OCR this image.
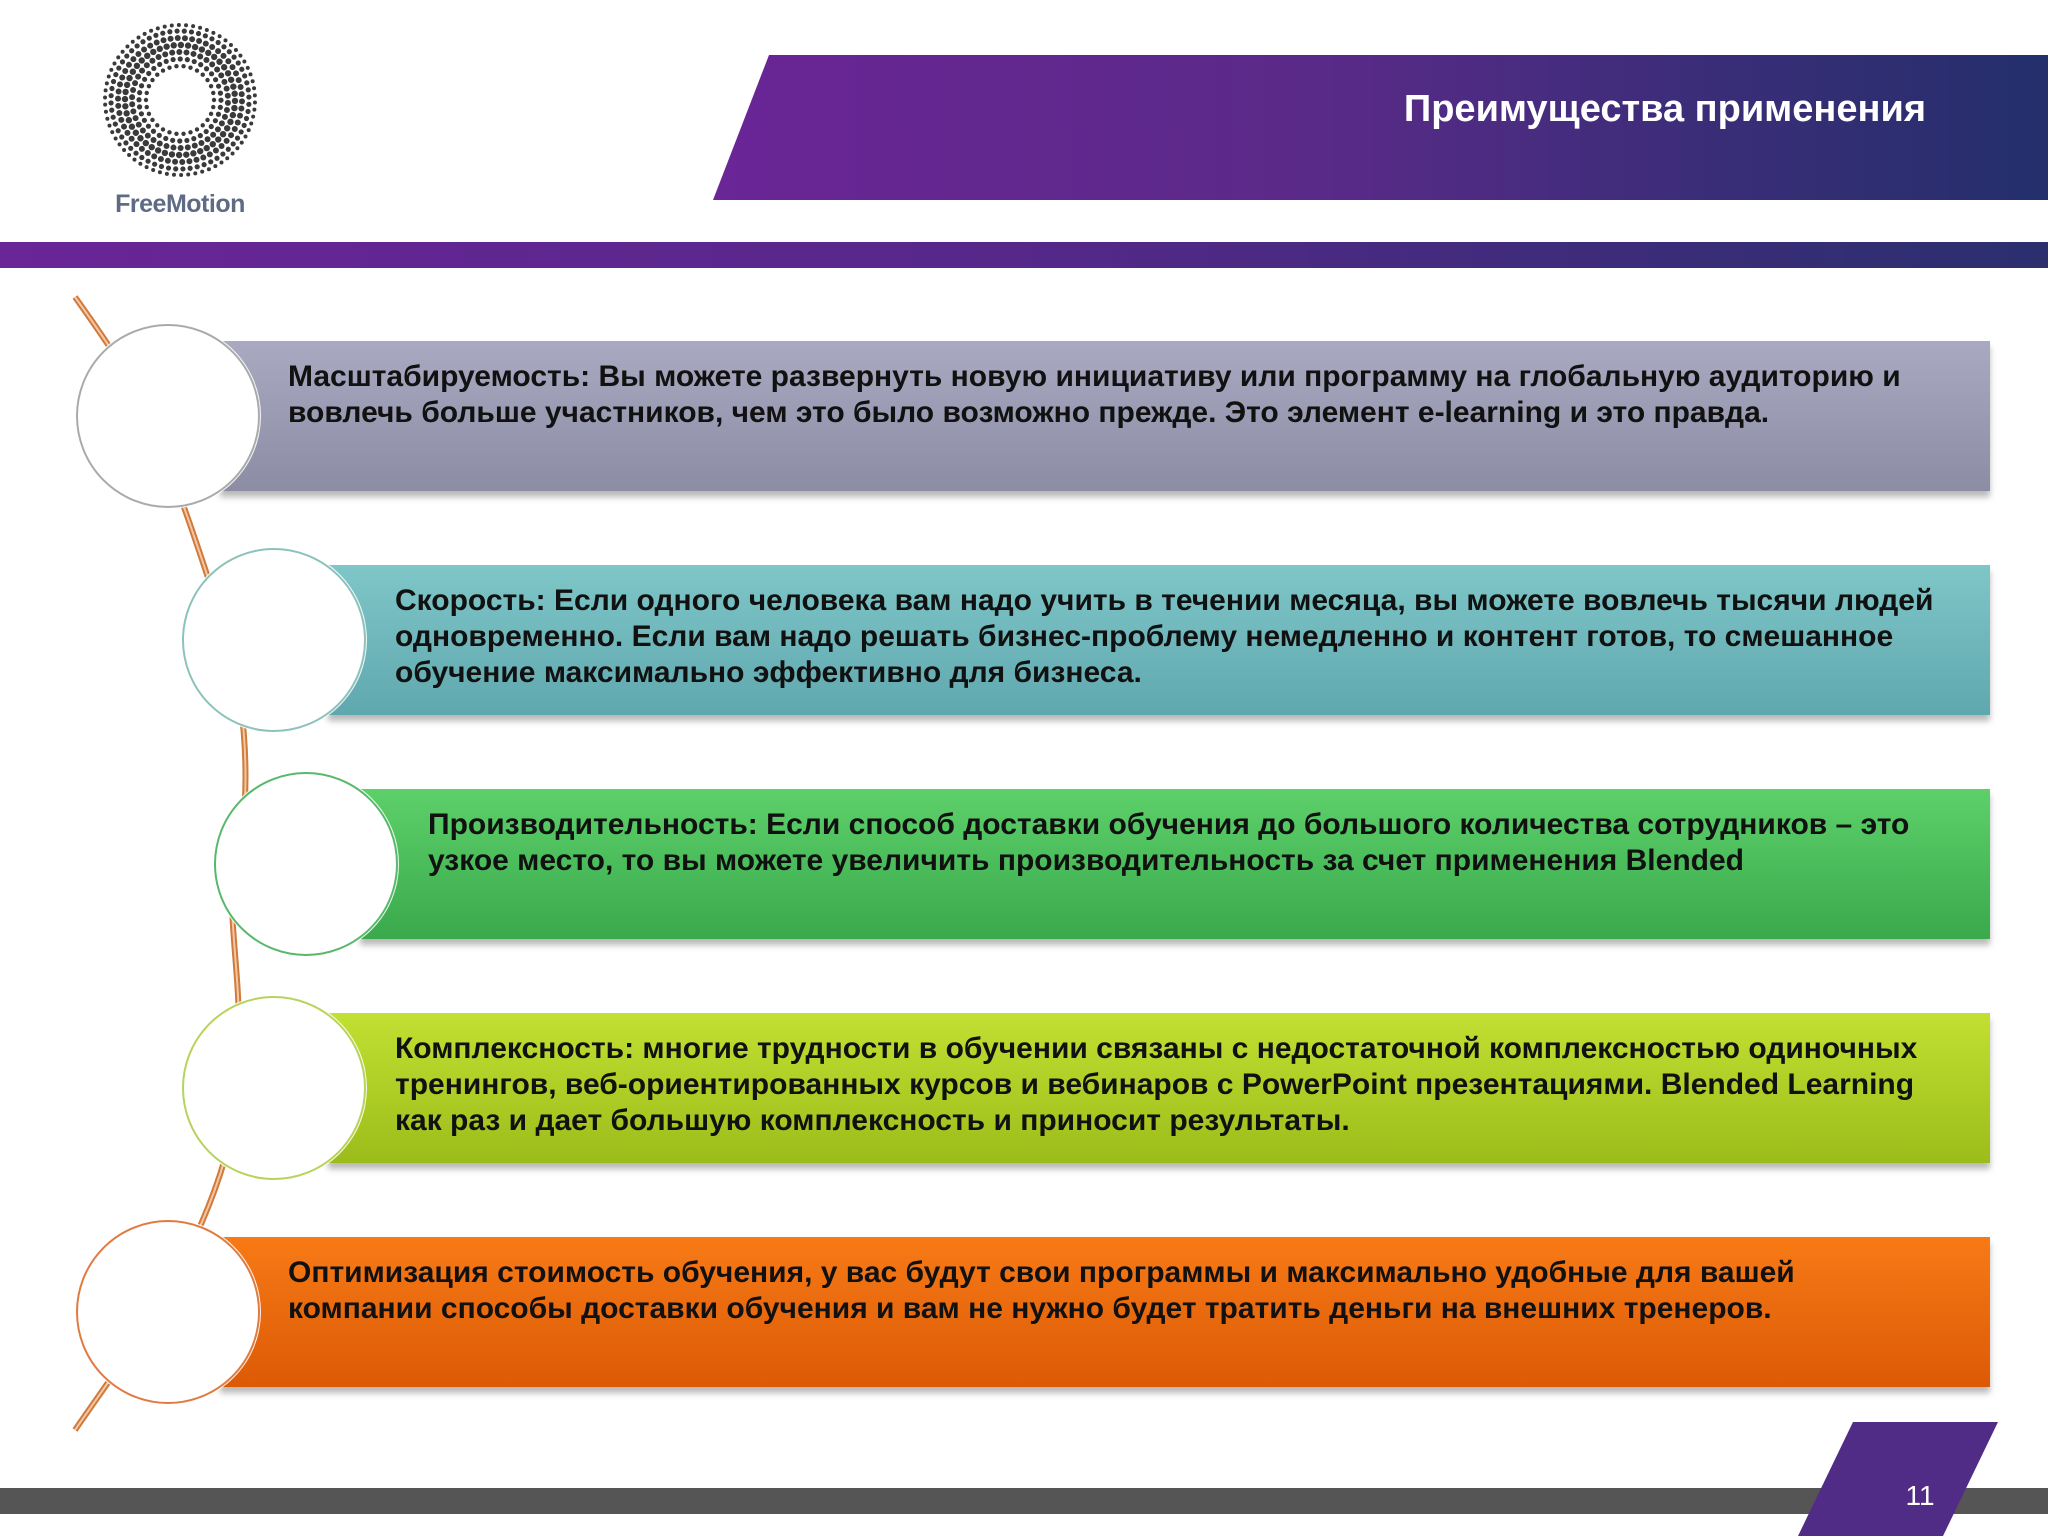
FreeMotion
Преимущества применения
Масштабируемость: Вы можете развернуть новую инициативу или программу на глобальную аудиторию и вовлечь больше участников, чем это было возможно прежде. Это элемент e-learning и это правда.
Скорость: Если одного человека вам надо учить в течении месяца, вы можете вовлечь тысячи людей одновременно. Если вам надо решать бизнес-проблему немедленно и контент готов, то смешанное обучение максимально эффективно для бизнеса.
Производительность: Если способ доставки обучения до большого количества сотрудников – это узкое место, то вы можете увеличить производительность за счет применения Blended
Комплексность: многие трудности в обучении связаны с недостаточной комплексностью одиночных тренингов, веб-ориентированных курсов и вебинаров с PowerPoint презентациями. Blended Learning как раз и дает большую комплексность и приносит результаты.
Оптимизация стоимость обучения, у вас будут свои программы и максимально удобные для вашей компании способы доставки обучения и вам не нужно будет тратить деньги на внешних тренеров.
11
